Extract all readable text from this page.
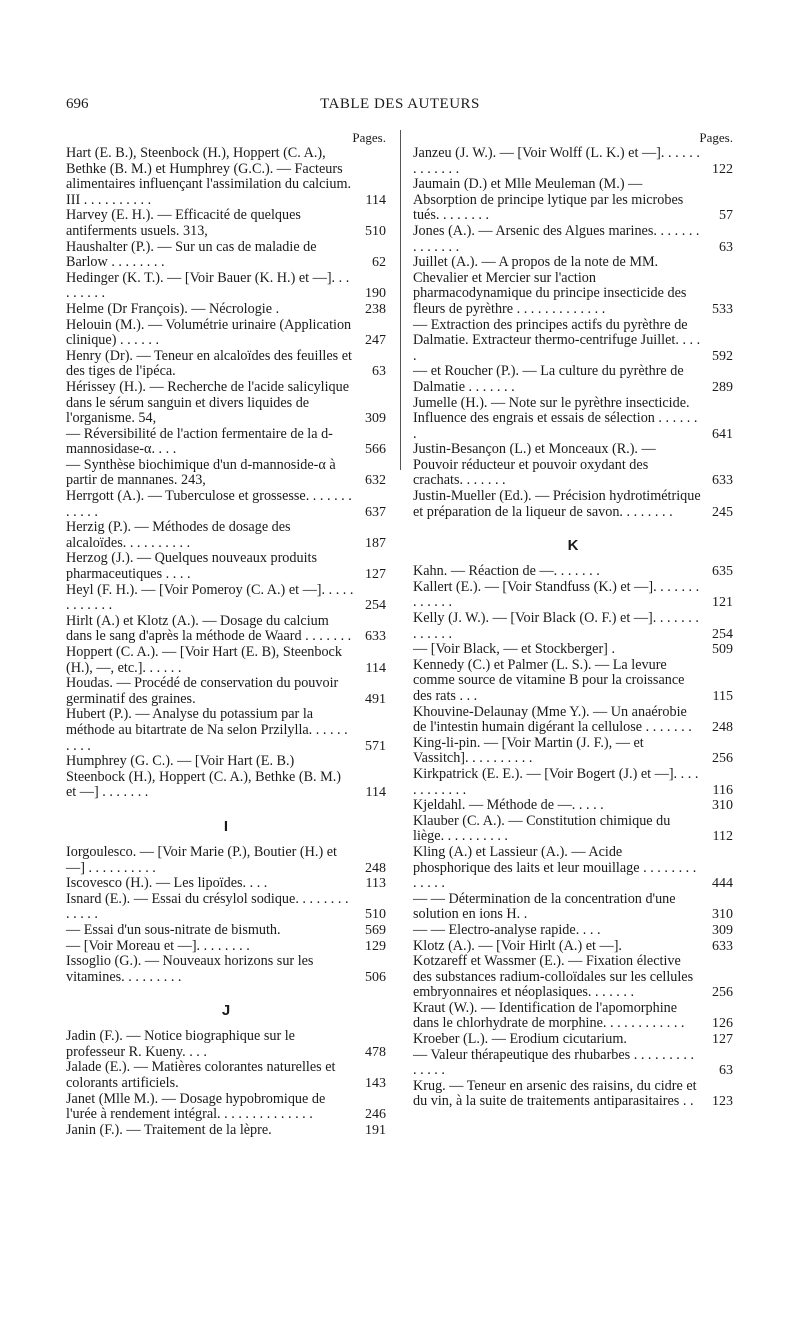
696	TABLE DES AUTEURS
Pages.
Hart (E. B.), Steenbock (H.), Hoppert (C. A.), Bethke (B. M.) et Humphrey (G.C.). — Facteurs alimentaires influençant l'assimilation du calcium. III . . . . . . . . . .	114
Harvey (E. H.). — Efficacité de quelques antiferments usuels. 313,	510
Haushalter (P.). — Sur un cas de maladie de Barlow . . . . . . . .	62
Hedinger (K. T.). — [Voir Bauer (K. H.) et —]. . . . . . . . .	190
Helme (Dr François). — Nécrologie .	238
Helouin (M.). — Volumétrie urinaire (Application clinique) . . . . . .	247
Henry (Dr). — Teneur en alcaloïdes des feuilles et des tiges de l'ipéca.	63
Hérissey (H.). — Recherche de l'acide salicylique dans le sérum sanguin et divers liquides de l'organisme. 54,	309
— Réversibilité de l'action fermentaire de la d-mannosidase-α. . . .	566
— Synthèse biochimique d'un d-mannoside-α à partir de mannanes. 243,	632
Herrgott (A.). — Tuberculose et grossesse. . . . . . . . . . . .	637
Herzig (P.). — Méthodes de dosage des alcaloïdes. . . . . . . . . .	187
Herzog (J.). — Quelques nouveaux produits pharmaceutiques . . . .	127
Heyl (F. H.). — [Voir Pomeroy (C. A.) et —]. . . . . . . . . . . .	254
Hirlt (A.) et Klotz (A.). — Dosage du calcium dans le sang d'après la méthode de Waard . . . . . . . 633
Hoppert (C. A.). — [Voir Hart (E. B), Steenbock (H.), —, etc.]. . . . . .	114
Houdas. — Procédé de conservation du pouvoir germinatif des graines.	491
Hubert (P.). — Analyse du potassium par la méthode au bitartrate de Na selon Przilylla. . . . . . . . . .	571
Humphrey (G. C.). — [Voir Hart (E. B.) Steenbock (H.), Hoppert (C. A.), Bethke (B. M.) et —] . . . . . . .	114
I
Iorgoulesco. — [Voir Marie (P.), Boutier (H.) et —] . . . . . . . . . .	248
Iscovesco (H.). — Les lipoïdes. . . .	113
Isnard (E.). — Essai du crésylol sodique. . . . . . . . . . . . .	510
— Essai d'un sous-nitrate de bismuth.	569
— [Voir Moreau et —]. . . . . . . .	129
Issoglio (G.). — Nouveaux horizons sur les vitamines. . . . . . . . .	506
J
Jadin (F.). — Notice biographique sur le professeur R. Kueny. . . .	478
Jalade (E.). — Matières colorantes naturelles et colorants artificiels.	143
Janet (Mlle M.). — Dosage hypobromique de l'urée à rendement intégral. . . . . . . . . . . . . .	246
Janin (F.). — Traitement de la lèpre.	191
Pages.
Janzeu (J. W.). — [Voir Wolff (L. K.) et —]. . . . . . . . . . . . .	122
Jaumain (D.) et Mlle Meuleman (M.) — Absorption de principe lytique par les microbes tués. . . . . . . .	57
Jones (A.). — Arsenic des Algues marines. . . . . . . . . . . . . .	63
Juillet (A.). — A propos de la note de MM. Chevalier et Mercier sur l'action pharmacodynamique du principe insecticide des fleurs de pyrèthre . . . . . . . . . . . . .	533
— Extraction des principes actifs du pyrèthre de Dalmatie. Extracteur thermo-centrifuge Juillet. . . . .	592
— et Roucher (P.). — La culture du pyrèthre de Dalmatie . . . . . . .	289
Jumelle (H.). — Note sur le pyrèthre insecticide. Influence des engrais et essais de sélection . . . . . . .	641
Justin-Besançon (L.) et Monceaux (R.). — Pouvoir réducteur et pouvoir oxydant des crachats. . . . . . .	633
Justin-Mueller (Ed.). — Précision hydrotimétrique et préparation de la liqueur de savon. . . . . . . .	245
K
Kahn. — Réaction de —. . . . . . .	635
Kallert (E.). — [Voir Standfuss (K.) et —]. . . . . . . . . . . . .	121
Kelly (J. W.). — [Voir Black (O. F.) et —]. . . . . . . . . . . . .	254
— [Voir Black, — et Stockberger] .	509
Kennedy (C.) et Palmer (L. S.). — La levure comme source de vitamine B pour la croissance des rats . . .	115
Khouvine-Delaunay (Mme Y.). — Un anaérobie de l'intestin humain digérant la cellulose . . . . . . .	248
King-li-pin. — [Voir Martin (J. F.), — et Vassitch]. . . . . . . . . .	256
Kirkpatrick (E. E.). — [Voir Bogert (J.) et —]. . . . . . . . . . . .	116
Kjeldahl. — Méthode de —. . . . .	310
Klauber (C. A.). — Constitution chimique du liège. . . . . . . . . .	112
Kling (A.) et Lassieur (A.). — Acide phosphorique des laits et leur mouillage . . . . . . . . . . . . .	444
— — Détermination de la concentration d'une solution en ions H. .	310
— — Electro-analyse rapide. . . .	309
Klotz (A.). — [Voir Hirlt (A.) et —].	633
Kotzareff et Wassmer (E.). — Fixation élective des substances radium-colloïdales sur les cellules embryonnaires et néoplasiques. . . . . . .	256
Kraut (W.). — Identification de l'apomorphine dans le chlorhydrate de morphine. . . . . . . . . . . .	126
Kroeber (L.). — Erodium cicutarium.	127
— Valeur thérapeutique des rhubarbes . . . . . . . . . . . . . .	63
Krug. — Teneur en arsenic des raisins, du cidre et du vin, à la suite de traitements antiparasitaires . .	123
